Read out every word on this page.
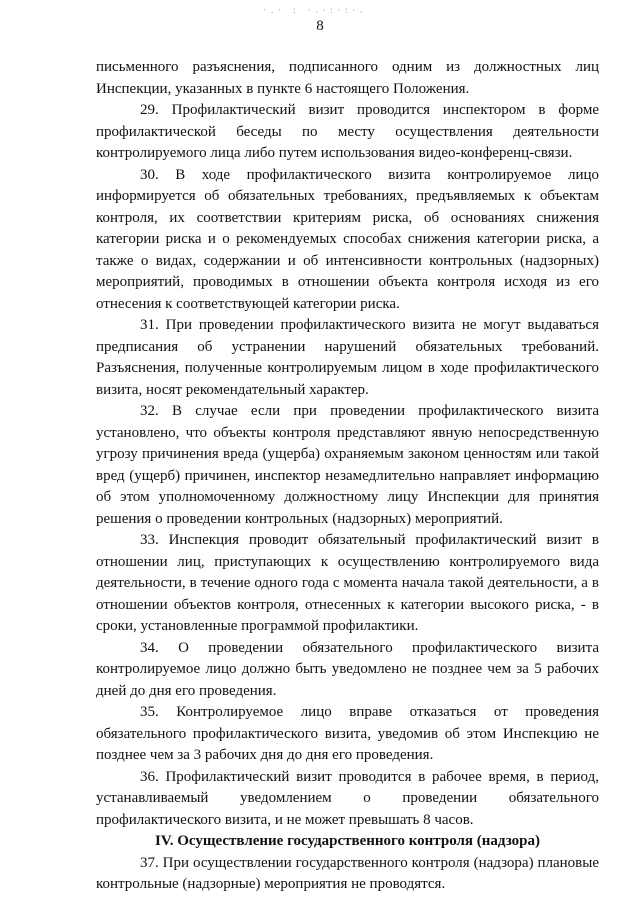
·.· : ·.·:·:·.
8

письменного разъяснения, подписанного одним из должностных лиц Инспекции, указанных в пункте 6 настоящего Положения.

29. Профилактический визит проводится инспектором в форме профилактической беседы по месту осуществления деятельности контролируемого лица либо путем использования видео-конференц-связи.

30. В ходе профилактического визита контролируемое лицо информируется об обязательных требованиях, предъявляемых к объектам контроля, их соответствии критериям риска, об основаниях снижения категории риска и о рекомендуемых способах снижения категории риска, а также о видах, содержании и об интенсивности контрольных (надзорных) мероприятий, проводимых в отношении объекта контроля исходя из его отнесения к соответствующей категории риска.

31. При проведении профилактического визита не могут выдаваться предписания об устранении нарушений обязательных требований. Разъяснения, полученные контролируемым лицом в ходе профилактического визита, носят рекомендательный характер.

32. В случае если при проведении профилактического визита установлено, что объекты контроля представляют явную непосредственную угрозу причинения вреда (ущерба) охраняемым законом ценностям или такой вред (ущерб) причинен, инспектор незамедлительно направляет информацию об этом уполномоченному должностному лицу Инспекции для принятия решения о проведении контрольных (надзорных) мероприятий.

33. Инспекция проводит обязательный профилактический визит в отношении лиц, приступающих к осуществлению контролируемого вида деятельности, в течение одного года с момента начала такой деятельности, а в отношении объектов контроля, отнесенных к категории высокого риска, - в сроки, установленные программой профилактики.

34. О проведении обязательного профилактического визита контролируемое лицо должно быть уведомлено не позднее чем за 5 рабочих дней до дня его проведения.

35. Контролируемое лицо вправе отказаться от проведения обязательного профилактического визита, уведомив об этом Инспекцию не позднее чем за 3 рабочих дня до дня его проведения.

36. Профилактический визит проводится в рабочее время, в период, устанавливаемый уведомлением о проведении обязательного профилактического визита, и не может превышать 8 часов.

IV. Осуществление государственного контроля (надзора)

37. При осуществлении государственного контроля (надзора) плановые контрольные (надзорные) мероприятия не проводятся.
